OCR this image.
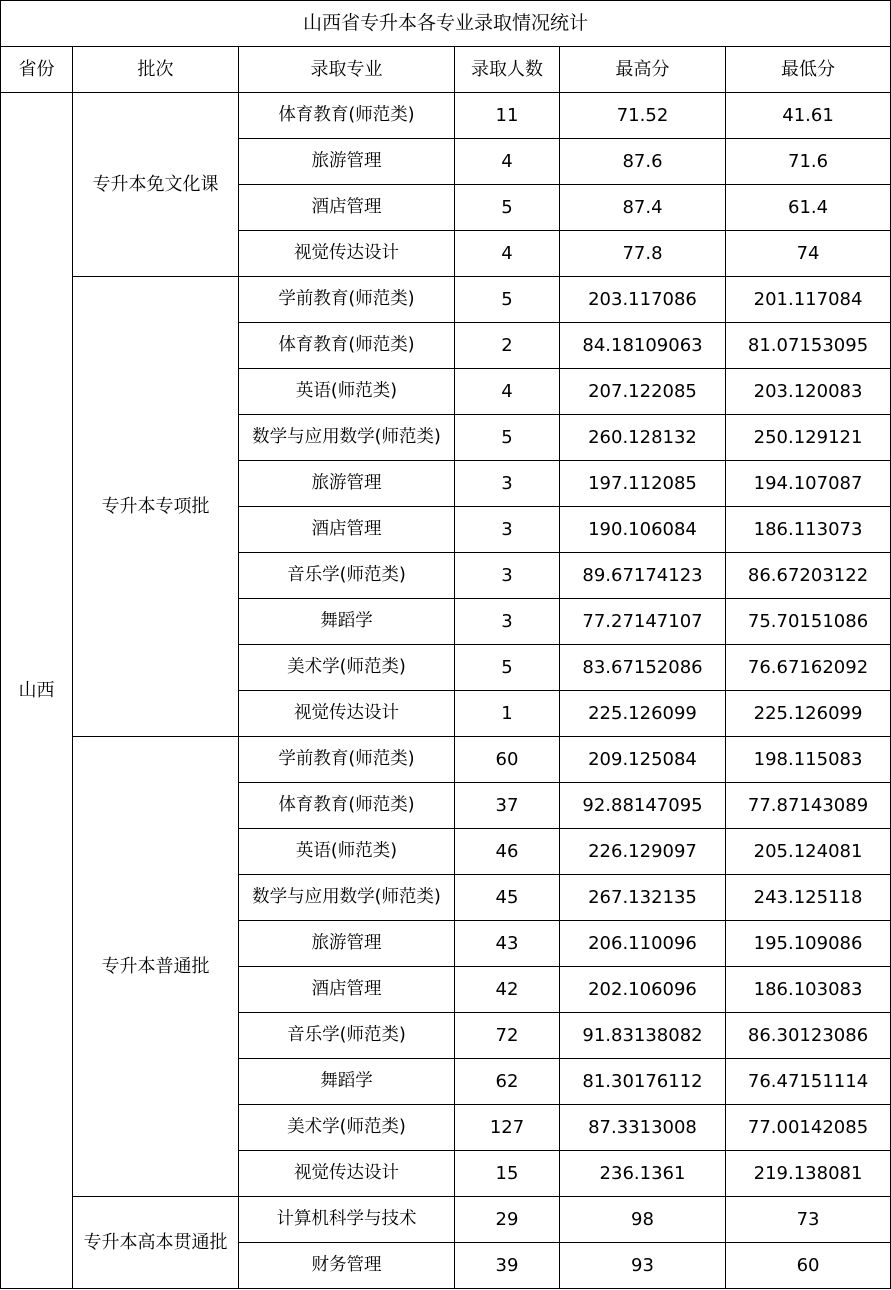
山西省专升本各专业录取情况统计					
省份	批次	录取专业	录取人数	最高分	最低分
山西	专升本免文化课	体育教育(师范类)	11	71.52	41.61
		旅游管理	4	87.6	71.6
		酒店管理	5	87.4	61.4
		视觉传达设计	4	77.8	74
	专升本专项批	学前教育(师范类)	5	203.117086	201.117084
		体育教育(师范类)	2	84.18109063	81.07153095
		英语(师范类)	4	207.122085	203.120083
		数学与应用数学(师范类)	5	260.128132	250.129121
		旅游管理	3	197.112085	194.107087
		酒店管理	3	190.106084	186.113073
		音乐学(师范类)	3	89.67174123	86.67203122
		舞蹈学	3	77.27147107	75.70151086
		美术学(师范类)	5	83.67152086	76.67162092
		视觉传达设计	1	225.126099	225.126099
	专升本普通批	学前教育(师范类)	60	209.125084	198.115083
		体育教育(师范类)	37	92.88147095	77.87143089
		英语(师范类)	46	226.129097	205.124081
		数学与应用数学(师范类)	45	267.132135	243.125118
		旅游管理	43	206.110096	195.109086
		酒店管理	42	202.106096	186.103083
		音乐学(师范类)	72	91.83138082	86.30123086
		舞蹈学	62	81.30176112	76.47151114
		美术学(师范类)	127	87.3313008	77.00142085
		视觉传达设计	15	236.1361	219.138081
	专升本高本贯通批	计算机科学与技术	29	98	73
		财务管理	39	93	60
